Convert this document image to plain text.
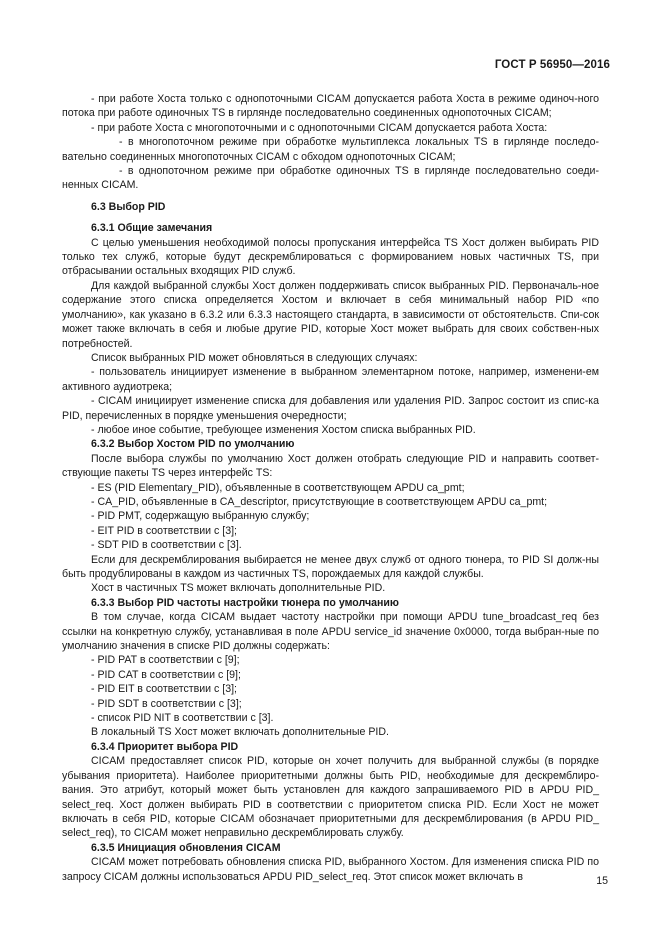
ГОСТ Р 56950—2016

- при работе Хоста только с однопоточными CICAM допускается работа Хоста в режиме одиноч-ного потока при работе одиночных TS в гирлянде последовательно соединенных однопоточных CICAM;

- при работе Хоста с многопоточными и с однопоточными CICAM допускается работа Хоста:

- в многопоточном режиме при обработке мультиплекса локальных TS в гирлянде последо-вательно соединенных многопоточных CICAM с обходом однопоточных CICAM;

- в однопоточном режиме при обработке одиночных TS в гирлянде последовательно соеди-ненных CICAM.

6.3 Выбор PID

6.3.1 Общие замечания

С целью уменьшения необходимой полосы пропускания интерфейса TS Хост должен выбирать PID только тех служб, которые будут дескремблироваться с формированием новых частичных TS, при отбрасывании остальных входящих PID служб.

Для каждой выбранной службы Хост должен поддерживать список выбранных PID. Первоначаль-ное содержание этого списка определяется Хостом и включает в себя минимальный набор PID «по умолчанию», как указано в 6.3.2 или 6.3.3 настоящего стандарта, в зависимости от обстоятельств. Спи-сок может также включать в себя и любые другие PID, которые Хост может выбрать для своих собствен-ных потребностей.

Список выбранных PID может обновляться в следующих случаях:

- пользователь инициирует изменение в выбранном элементарном потоке, например, изменени-ем активного аудиотрека;

- CICAM инициирует изменение списка для добавления или удаления PID. Запрос состоит из спис-ка PID, перечисленных в порядке уменьшения очередности;

- любое иное событие, требующее изменения Хостом списка выбранных PID.

6.3.2 Выбор Хостом PID по умолчанию

После выбора службы по умолчанию Хост должен отобрать следующие PID и направить соответ-ствующие пакеты TS через интерфейс TS:

- ES (PID Elementary_PID), объявленные в соответствующем APDU ca_pmt;

- CA_PID, объявленные в CA_descriptor, присутствующие в соответствующем APDU ca_pmt;

- PID PMT, содержащую выбранную службу;

- EIT PID в соответствии с [3];

- SDT PID в соответствии с [3].

Если для дескремблирования выбирается не менее двух служб от одного тюнера, то PID SI долж-ны быть продублированы в каждом из частичных TS, порождаемых для каждой службы.

Хост в частичных TS может включать дополнительные PID.

6.3.3 Выбор PID частоты настройки тюнера по умолчанию

В том случае, когда CICAM выдает частоту настройки при помощи APDU tune_broadcast_req без ссылки на конкретную службу, устанавливая в поле APDU service_id значение 0x0000, тогда выбран-ные по умолчанию значения в списке PID должны содержать:

- PID PAT в соответствии с [9];

- PID CAT в соответствии с [9];

- PID EIT в соответствии с [3];

- PID SDT в соответствии с [3];

- список PID NIT в соответствии с [3].

В локальный TS Хост может включать дополнительные PID.

6.3.4 Приоритет выбора PID

CICAM предоставляет список PID, которые он хочет получить для выбранной службы (в порядке убывания приоритета). Наиболее приоритетными должны быть PID, необходимые для дескремблиро-вания. Это атрибут, который может быть установлен для каждого запрашиваемого PID в APDU PID_ select_req. Хост должен выбирать PID в соответствии с приоритетом списка PID. Если Хост не может включать в себя PID, которые CICAM обозначает приоритетными для дескремблирования (в APDU PID_ select_req), то CICAM может неправильно дескремблировать службу.

6.3.5 Инициация обновления CICAM

CICAM может потребовать обновления списка PID, выбранного Хостом. Для изменения списка PID по запросу CICAM должны использоваться APDU PID_select_req. Этот список может включать в	15
